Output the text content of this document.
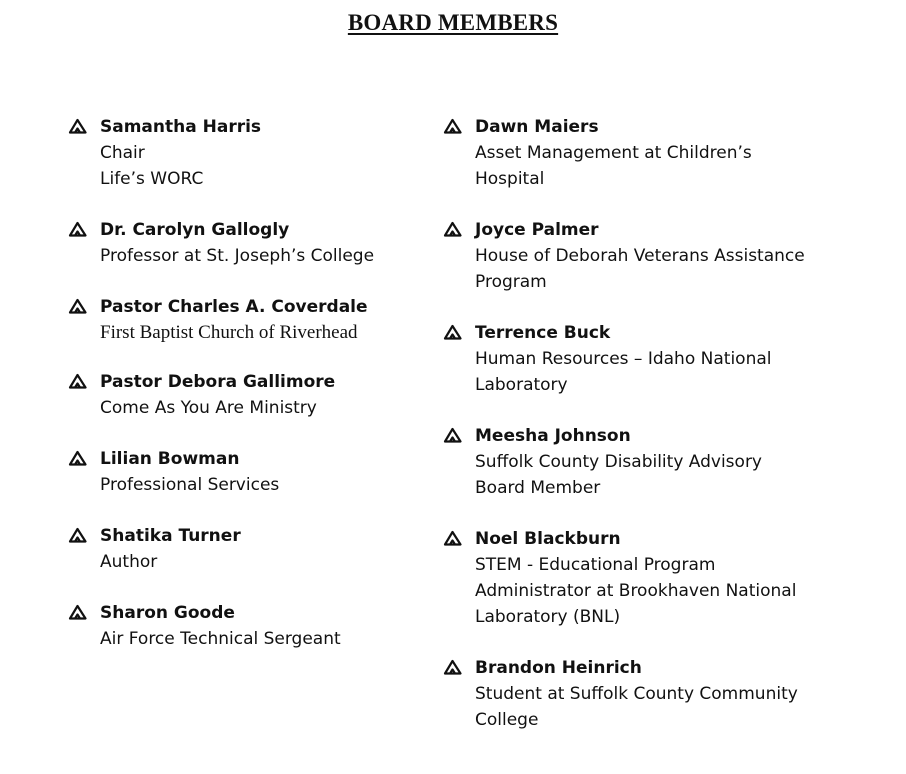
BOARD MEMBERS
Samantha Harris
Chair
Life’s WORC
Dr. Carolyn Gallogly
Professor at St. Joseph’s College
Pastor Charles A. Coverdale
First Baptist Church of Riverhead
Pastor Debora Gallimore
Come As You Are Ministry
Lilian Bowman
Professional Services
Shatika Turner
Author
Sharon Goode
Air Force Technical Sergeant
Dawn Maiers
Asset Management at Children’s
Hospital
Joyce Palmer
House of Deborah Veterans Assistance
Program
Terrence Buck
Human Resources – Idaho National
Laboratory
Meesha Johnson
Suffolk County Disability Advisory
Board Member
Noel Blackburn
STEM - Educational Program
Administrator at Brookhaven National
Laboratory (BNL)
Brandon Heinrich
Student at Suffolk County Community
College
